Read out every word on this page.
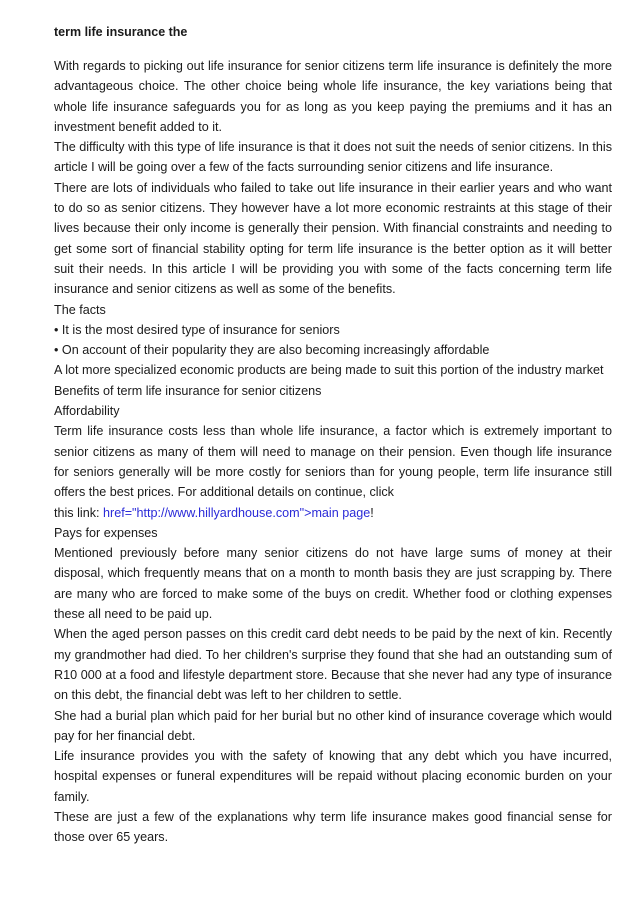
term life insurance the

With regards to picking out life insurance for senior citizens term life insurance is definitely the more advantageous choice. The other choice being whole life insurance, the key variations being that whole life insurance safeguards you for as long as you keep paying the premiums and it has an investment benefit added to it.

The difficulty with this type of life insurance is that it does not suit the needs of senior citizens. In this article I will be going over a few of the facts surrounding senior citizens and life insurance.

There are lots of individuals who failed to take out life insurance in their earlier years and who want to do so as senior citizens. They however have a lot more economic restraints at this stage of their lives because their only income is generally their pension. With financial constraints and needing to get some sort of financial stability opting for term life insurance is the better option as it will better suit their needs. In this article I will be providing you with some of the facts concerning term life insurance and senior citizens as well as some of the benefits.

The facts

• It is the most desired type of insurance for seniors

• On account of their popularity they are also becoming increasingly affordable

A lot more specialized economic products are being made to suit this portion of the industry market

Benefits of term life insurance for senior citizens

Affordability

Term life insurance costs less than whole life insurance, a factor which is extremely important to senior citizens as many of them will need to manage on their pension. Even though life insurance for seniors generally will be more costly for seniors than for young people, term life insurance still offers the best prices. For additional details on continue, click

this link: href="http://www.hillyardhouse.com">main page!

Pays for expenses

Mentioned previously before many senior citizens do not have large sums of money at their disposal, which frequently means that on a month to month basis they are just scrapping by. There are many who are forced to make some of the buys on credit. Whether food or clothing expenses these all need to be paid up.

When the aged person passes on this credit card debt needs to be paid by the next of kin. Recently my grandmother had died. To her children's surprise they found that she had an outstanding sum of R10 000 at a food and lifestyle department store. Because that she never had any type of insurance on this debt, the financial debt was left to her children to settle.

She had a burial plan which paid for her burial but no other kind of insurance coverage which would pay for her financial debt.

Life insurance provides you with the safety of knowing that any debt which you have incurred, hospital expenses or funeral expenditures will be repaid without placing economic burden on your family.

These are just a few of the explanations why term life insurance makes good financial sense for those over 65 years.
